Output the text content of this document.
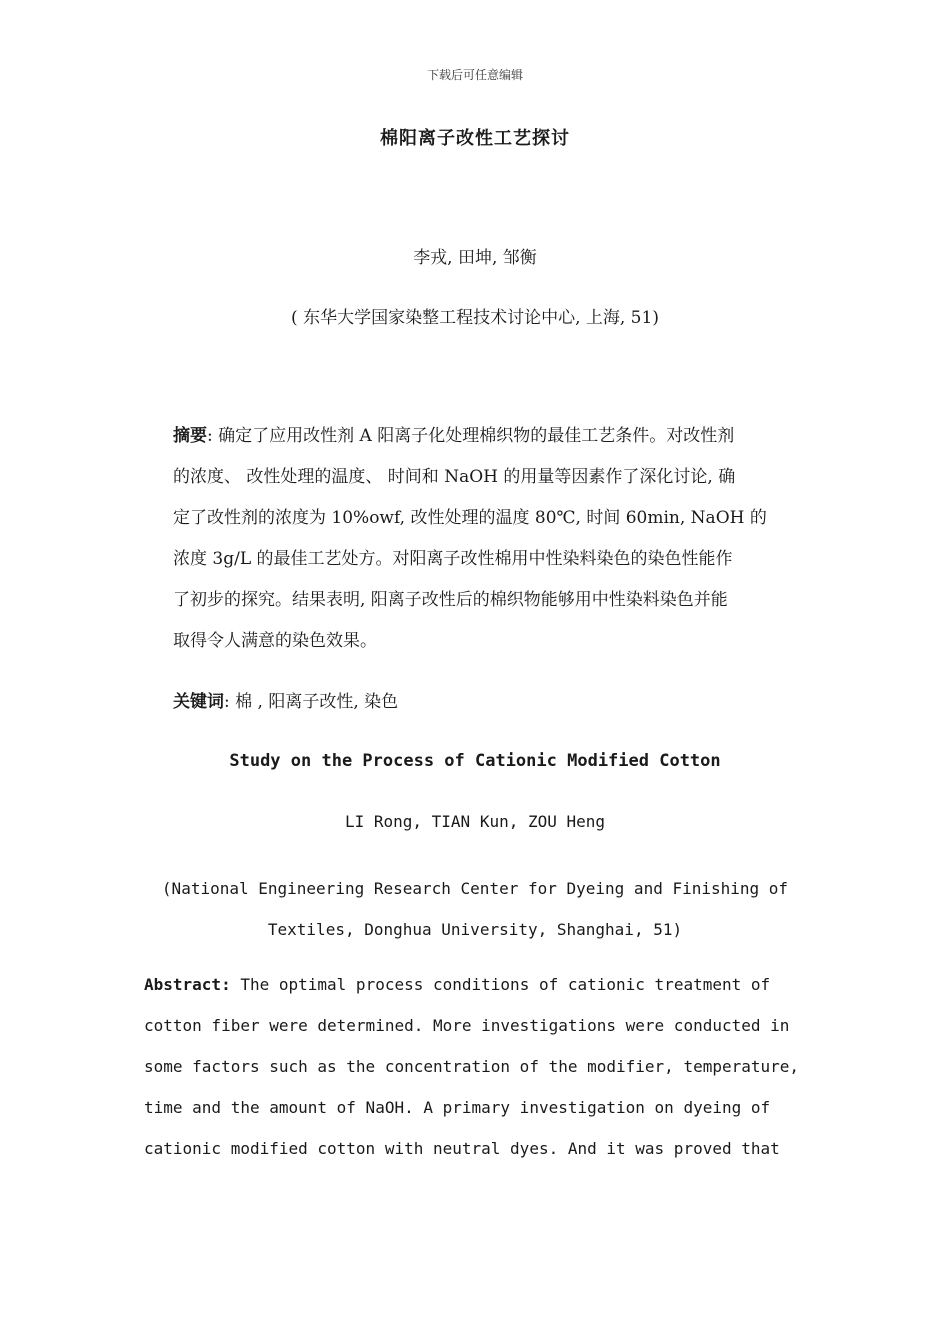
下载后可任意编辑
棉阳离子改性工艺探讨
李戎, 田坤, 邹衡
( 东华大学国家染整工程技术讨论中心, 上海, 51)
摘要: 确定了应用改性剂 A 阳离子化处理棉织物的最佳工艺条件。对改性剂
的浓度、 改性处理的温度、 时间和 NaOH 的用量等因素作了深化讨论, 确
定了改性剂的浓度为 10%owf, 改性处理的温度 80℃, 时间 60min, NaOH 的
浓度 3g/L 的最佳工艺处方。对阳离子改性棉用中性染料染色的染色性能作
了初步的探究。结果表明, 阳离子改性后的棉织物能够用中性染料染色并能
取得令人满意的染色效果。
关键词: 棉 , 阳离子改性, 染色
Study on the Process of Cationic Modified Cotton
LI Rong, TIAN Kun, ZOU Heng
(National Engineering Research Center for Dyeing and Finishing of
Textiles, Donghua University, Shanghai, 51)
Abstract: The optimal process conditions of cationic treatment of
cotton fiber were determined. More investigations were conducted in
some factors such as the concentration of the modifier, temperature,
time and the amount of NaOH. A primary investigation on dyeing of
cationic modified cotton with neutral dyes. And it was proved that
